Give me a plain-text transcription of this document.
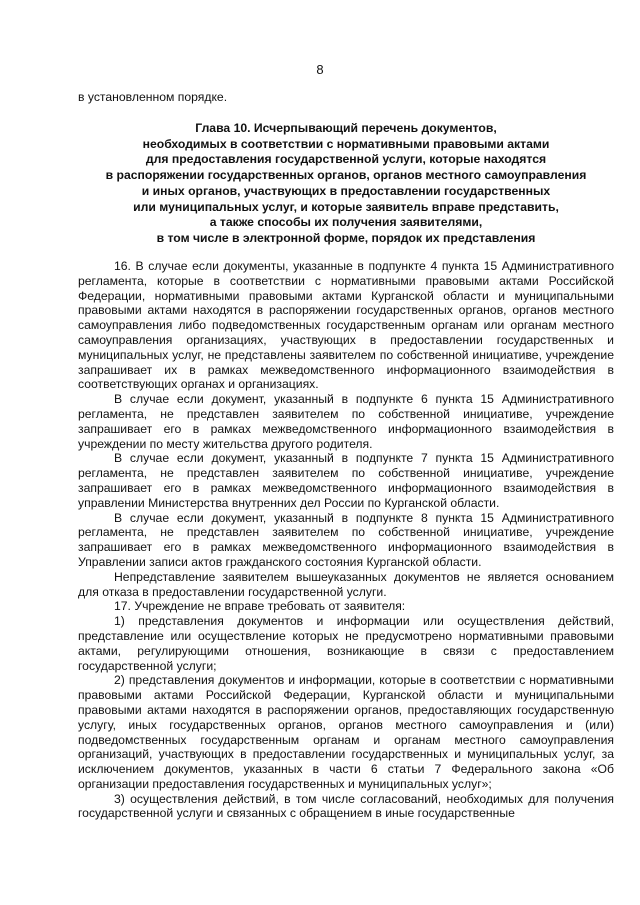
8

в установленном порядке.

Глава 10. Исчерпывающий перечень документов,
необходимых в соответствии с нормативными правовыми актами
для предоставления государственной услуги, которые находятся
в распоряжении государственных органов, органов местного самоуправления
и иных органов, участвующих в предоставлении государственных
или муниципальных услуг, и которые заявитель вправе представить,
а также способы их получения заявителями,
в том числе в электронной форме, порядок их представления

16. В случае если документы, указанные в подпункте 4 пункта 15 Административного регламента, которые в соответствии с нормативными правовыми актами Российской Федерации, нормативными правовыми актами Курганской области и муниципальными правовыми актами находятся в распоряжении государственных органов, органов местного самоуправления либо подведомственных государственным органам или органам местного самоуправления организациях, участвующих в предоставлении государственных и муниципальных услуг, не представлены заявителем по собственной инициативе, учреждение запрашивает их в рамках межведомственного информационного взаимодействия в соответствующих органах и организациях.

В случае если документ, указанный в подпункте 6 пункта 15 Административного регламента, не представлен заявителем по собственной инициативе, учреждение запрашивает его в рамках межведомственного информационного взаимодействия в учреждении по месту жительства другого родителя.

В случае если документ, указанный в подпункте 7 пункта 15 Административного регламента, не представлен заявителем по собственной инициативе, учреждение запрашивает его в рамках межведомственного информационного взаимодействия в управлении Министерства внутренних дел России по Курганской области.

В случае если документ, указанный в подпункте 8 пункта 15 Административного регламента, не представлен заявителем по собственной инициативе, учреждение запрашивает его в рамках межведомственного информационного взаимодействия в Управлении записи актов гражданского состояния Курганской области.

Непредставление заявителем вышеуказанных документов не является основанием для отказа в предоставлении государственной услуги.

17. Учреждение не вправе требовать от заявителя:

1) представления документов и информации или осуществления действий, представление или осуществление которых не предусмотрено нормативными правовыми актами, регулирующими отношения, возникающие в связи с предоставлением государственной услуги;

2) представления документов и информации, которые в соответствии с нормативными правовыми актами Российской Федерации, Курганской области и муниципальными правовыми актами находятся в распоряжении органов, предоставляющих государственную услугу, иных государственных органов, органов местного самоуправления и (или) подведомственных государственным органам и органам местного самоуправления организаций, участвующих в предоставлении государственных и муниципальных услуг, за исключением документов, указанных в части 6 статьи 7 Федерального закона «Об организации предоставления государственных и муниципальных услуг»;

3) осуществления действий, в том числе согласований, необходимых для получения государственной услуги и связанных с обращением в иные государственные
